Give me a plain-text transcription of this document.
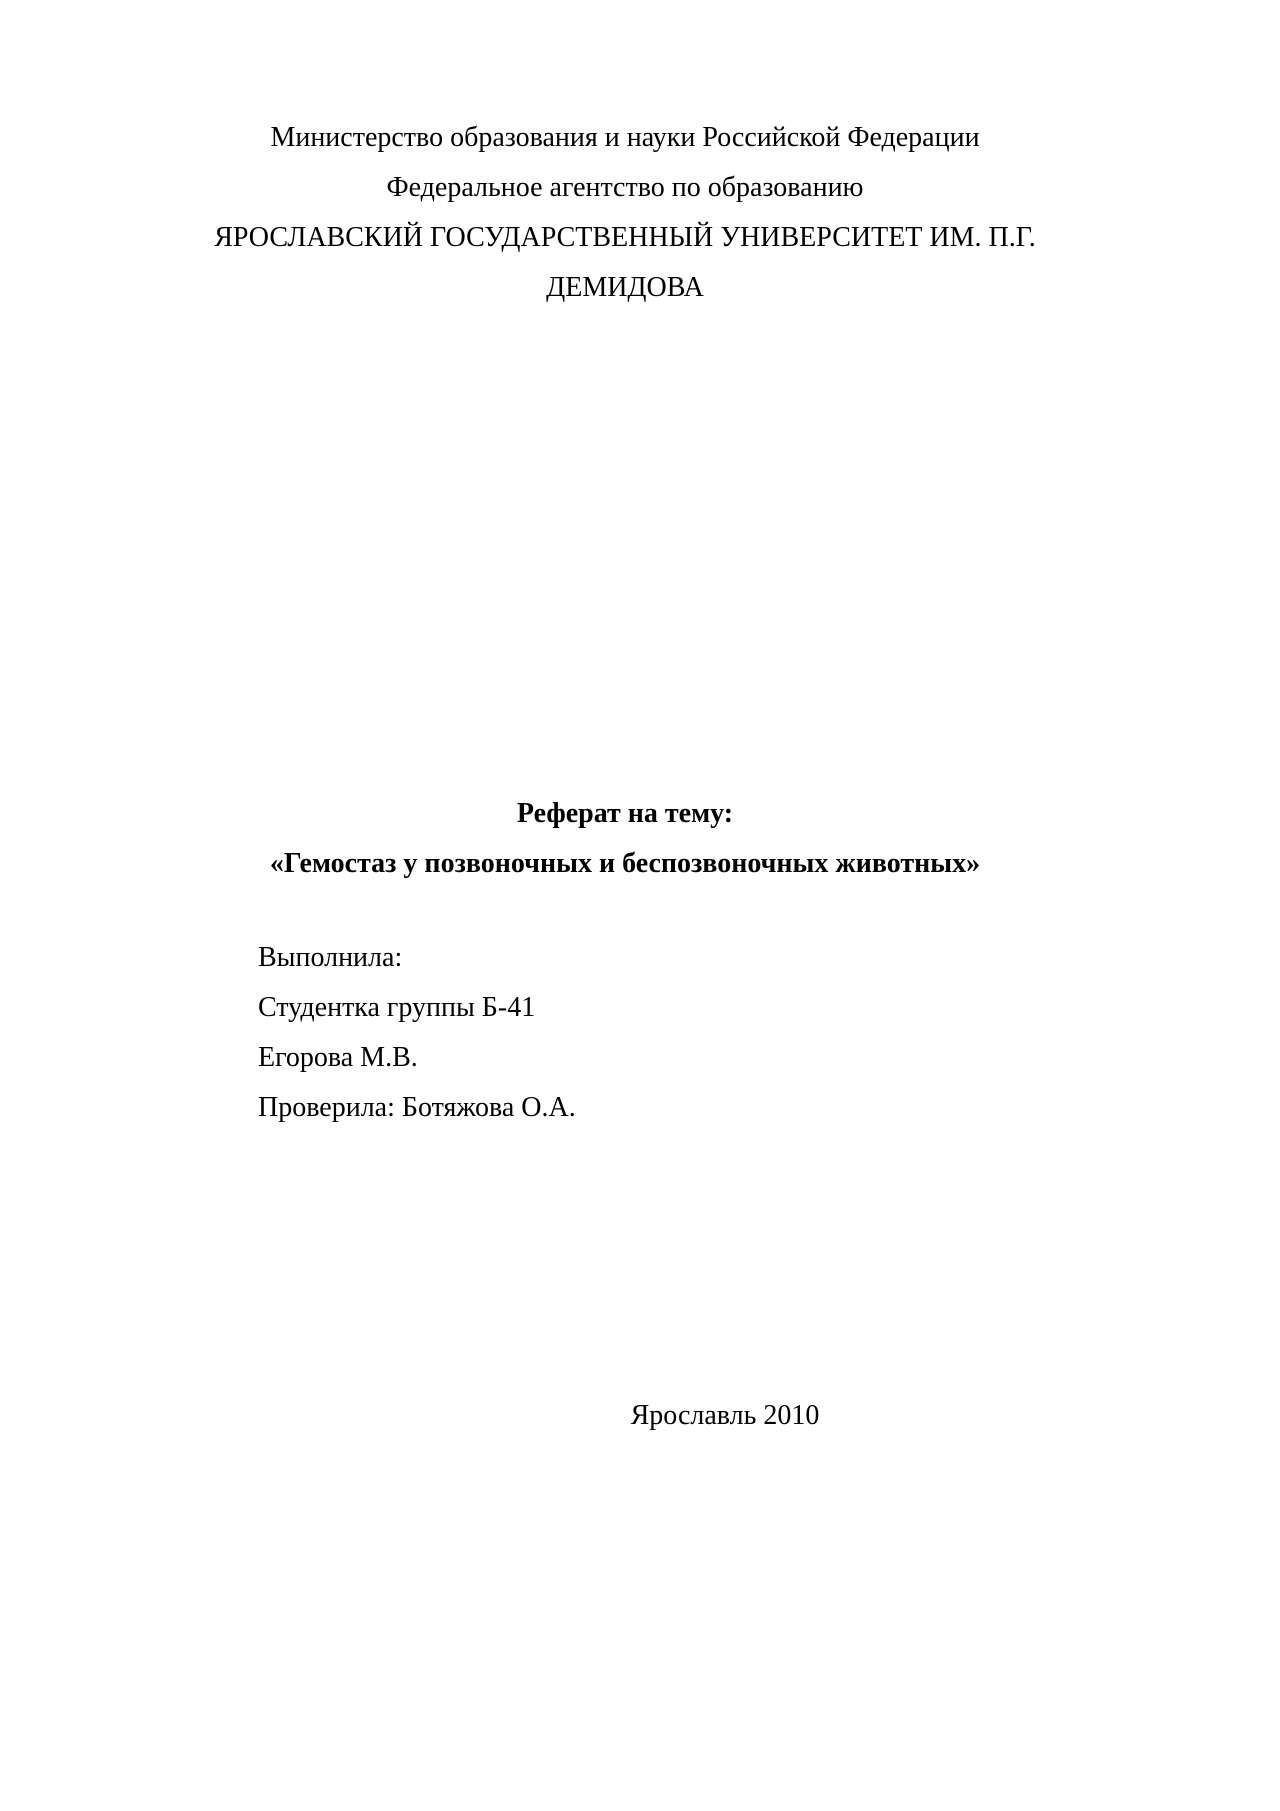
Министерство образования и науки Российской Федерации
Федеральное агентство по образованию
ЯРОСЛАВСКИЙ ГОСУДАРСТВЕННЫЙ УНИВЕРСИТЕТ ИМ. П.Г.
ДЕМИДОВА
Реферат на тему:
«Гемостаз у позвоночных и беспозвоночных животных»
Выполнила:
Студентка группы Б-41
Егорова М.В.
Проверила: Ботяжова О.А.
Ярославль 2010
